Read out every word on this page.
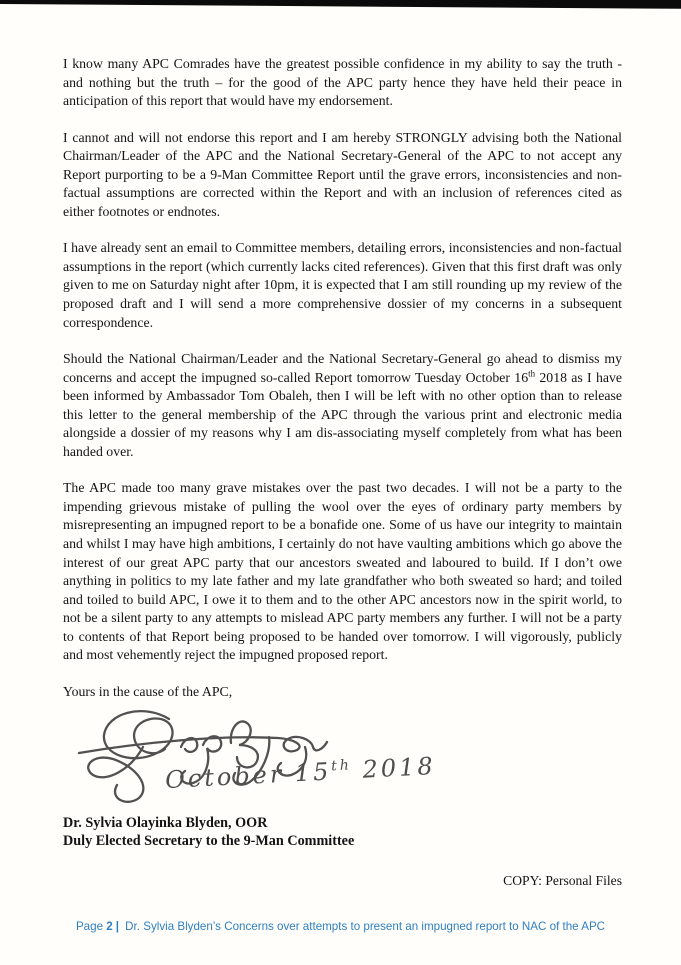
I know many APC Comrades have the greatest possible confidence in my ability to say the truth - and nothing but the truth – for the good of the APC party hence they have held their peace in anticipation of this report that would have my endorsement.

I cannot and will not endorse this report and I am hereby STRONGLY advising both the National Chairman/Leader of the APC and the National Secretary-General of the APC to not accept any Report purporting to be a 9-Man Committee Report until the grave errors, inconsistencies and non-factual assumptions are corrected within the Report and with an inclusion of references cited as either footnotes or endnotes.

I have already sent an email to Committee members, detailing errors, inconsistencies and non-factual assumptions in the report (which currently lacks cited references). Given that this first draft was only given to me on Saturday night after 10pm, it is expected that I am still rounding up my review of the proposed draft and I will send a more comprehensive dossier of my concerns in a subsequent correspondence.

Should the National Chairman/Leader and the National Secretary-General go ahead to dismiss my concerns and accept the impugned so-called Report tomorrow Tuesday October 16th 2018 as I have been informed by Ambassador Tom Obaleh, then I will be left with no other option than to release this letter to the general membership of the APC through the various print and electronic media alongside a dossier of my reasons why I am dis-associating myself completely from what has been handed over.

The APC made too many grave mistakes over the past two decades. I will not be a party to the impending grievous mistake of pulling the wool over the eyes of ordinary party members by misrepresenting an impugned report to be a bonafide one. Some of us have our integrity to maintain and whilst I may have high ambitions, I certainly do not have vaulting ambitions which go above the interest of our great APC party that our ancestors sweated and laboured to build. If I don’t owe anything in politics to my late father and my late grandfather who both sweated so hard; and toiled and toiled to build APC, I owe it to them and to the other APC ancestors now in the spirit world, to not be a silent party to any attempts to mislead APC party members any further. I will not be a party to contents of that Report being proposed to be handed over tomorrow. I will vigorously, publicly and most vehemently reject the impugned proposed report.

Yours in the cause of the APC,

October 15th 2018
Dr. Sylvia Olayinka Blyden, OOR
Duly Elected Secretary to the 9-Man Committee
COPY: Personal Files
Page 2 | Dr. Sylvia Blyden’s Concerns over attempts to present an impugned report to NAC of the APC
